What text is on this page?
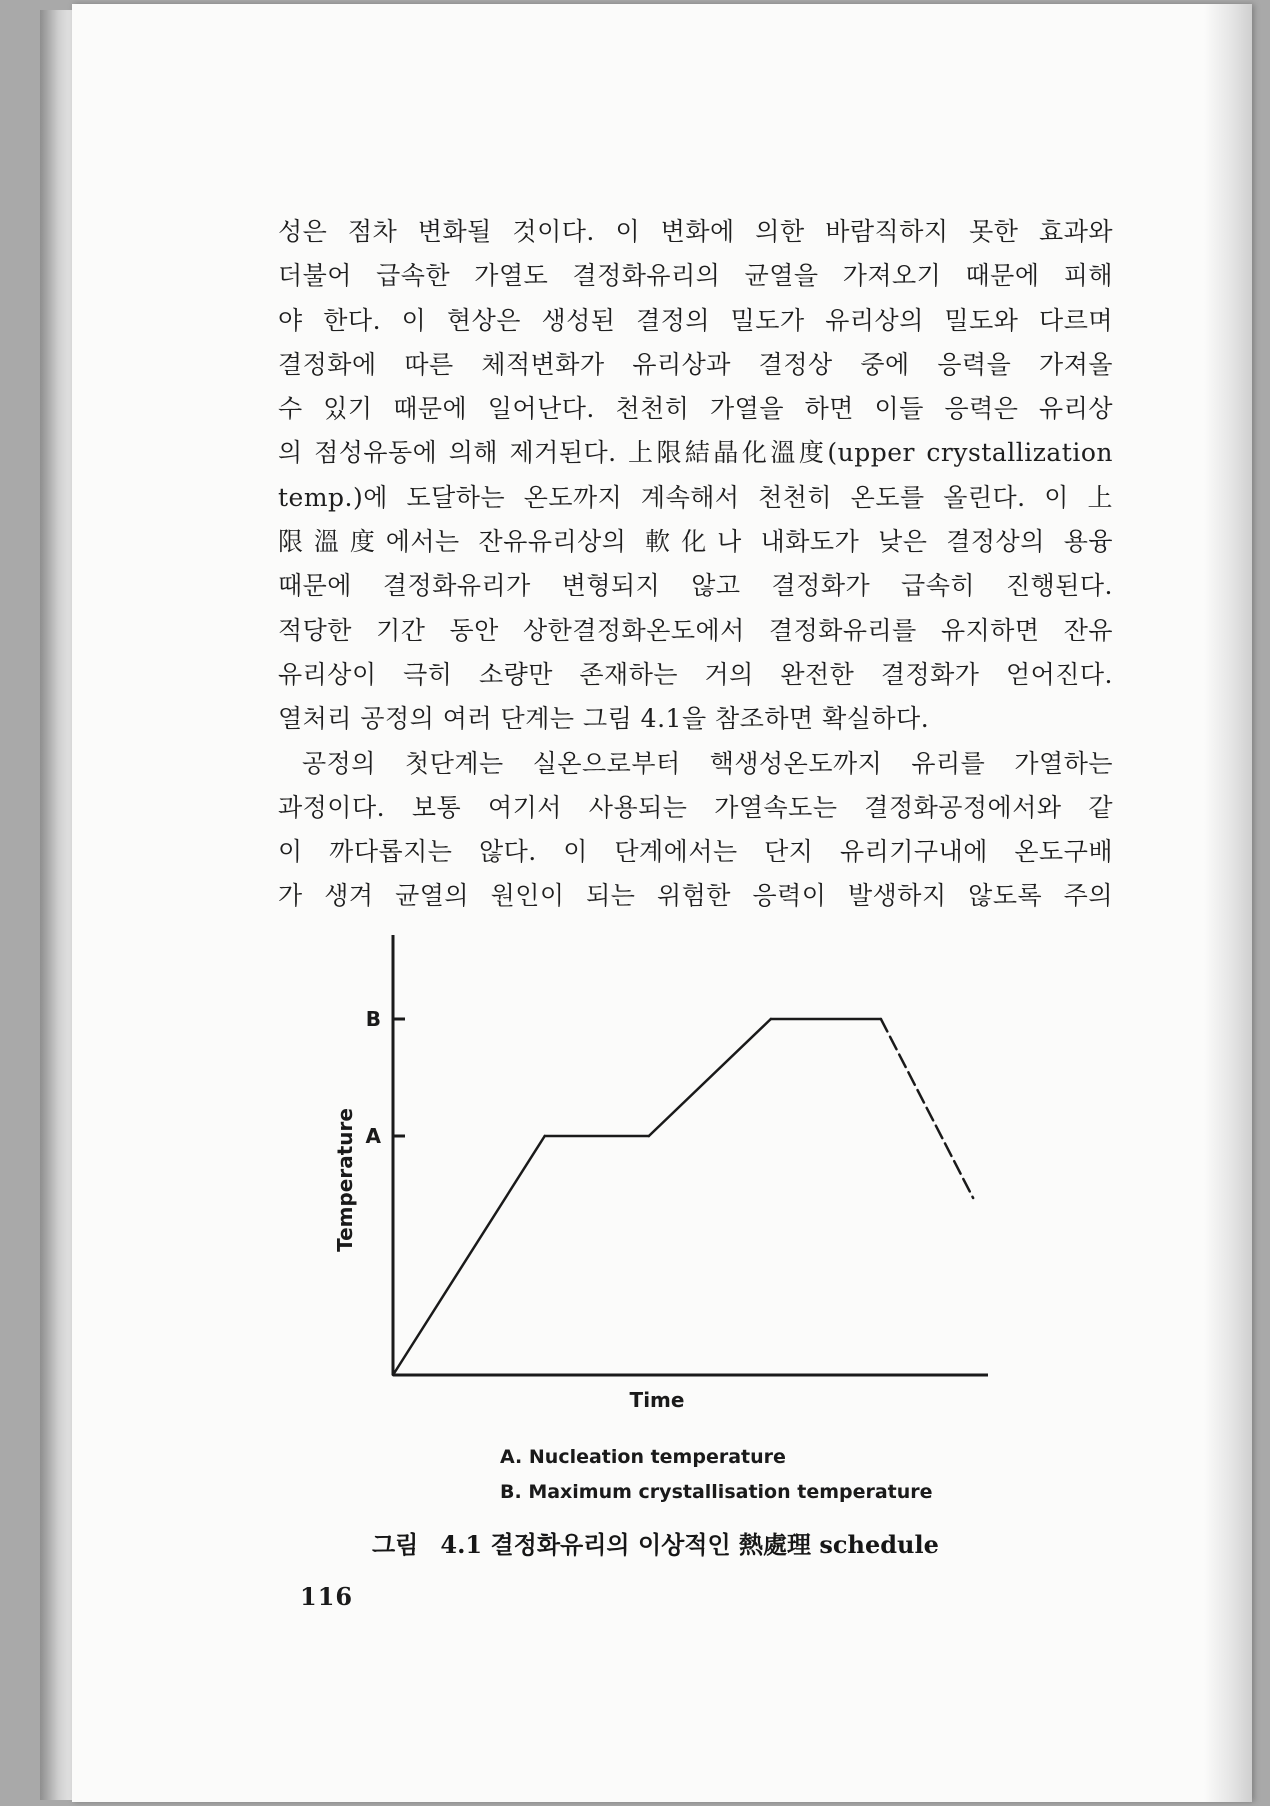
성은 점차 변화될 것이다. 이 변화에 의한 바람직하지 못한 효과와
더불어 급속한 가열도 결정화유리의 균열을 가져오기 때문에 피해
야 한다. 이 현상은 생성된 결정의 밀도가 유리상의 밀도와 다르며
결정화에 따른 체적변화가 유리상과 결정상 중에 응력을 가져올
수 있기 때문에 일어난다. 천천히 가열을 하면 이들 응력은 유리상
의 점성유동에 의해 제거된다. 上限結晶化溫度(upper crystallization
temp.)에 도달하는 온도까지 계속해서 천천히 온도를 올린다. 이 上
限溫度에서는 잔유유리상의 軟化나 내화도가 낮은 결정상의 용융
때문에 결정화유리가 변형되지 않고 결정화가 급속히 진행된다.
적당한 기간 동안 상한결정화온도에서 결정화유리를 유지하면 잔유
유리상이 극히 소량만 존재하는 거의 완전한 결정화가 얻어진다.
열처리 공정의 여러 단계는 그림 4.1을 참조하면 확실하다.
공정의 첫단계는 실온으로부터 핵생성온도까지 유리를 가열하는
과정이다. 보통 여기서 사용되는 가열속도는 결정화공정에서와 같
이 까다롭지는 않다. 이 단계에서는 단지 유리기구내에 온도구배
가 생겨 균열의 원인이 되는 위험한 응력이 발생하지 않도록 주의
A
B
Temperature
Time
A. Nucleation temperature
B. Maximum crystallisation temperature
그림 4.1 결정화유리의 이상적인 熱處理 schedule
116
